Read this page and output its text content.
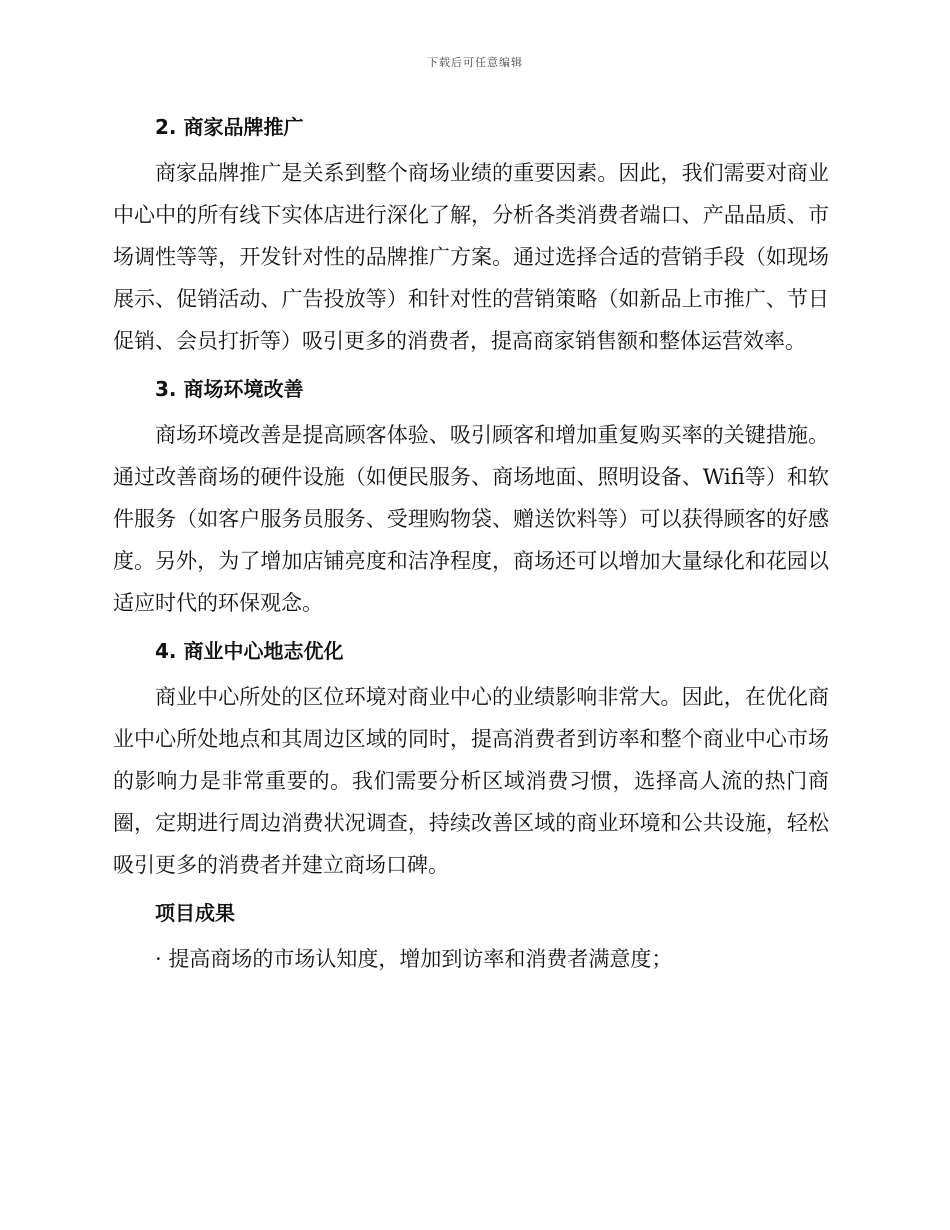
下载后可任意编辑
2. 商家品牌推广

商家品牌推广是关系到整个商场业绩的重要因素。因此，我们需要对商业中心中的所有线下实体店进行深化了解，分析各类消费者端口、产品品质、市场调性等等，开发针对性的品牌推广方案。通过选择合适的营销手段（如现场展示、促销活动、广告投放等）和针对性的营销策略（如新品上市推广、节日促销、会员打折等）吸引更多的消费者，提高商家销售额和整体运营效率。

3. 商场环境改善

商场环境改善是提高顾客体验、吸引顾客和增加重复购买率的关键措施。通过改善商场的硬件设施（如便民服务、商场地面、照明设备、Wifi等）和软件服务（如客户服务员服务、受理购物袋、赠送饮料等）可以获得顾客的好感度。另外，为了增加店铺亮度和洁净程度，商场还可以增加大量绿化和花园以适应时代的环保观念。

4. 商业中心地志优化

商业中心所处的区位环境对商业中心的业绩影响非常大。因此，在优化商业中心所处地点和其周边区域的同时，提高消费者到访率和整个商业中心市场的影响力是非常重要的。我们需要分析区域消费习惯，选择高人流的热门商圈，定期进行周边消费状况调查，持续改善区域的商业环境和公共设施，轻松吸引更多的消费者并建立商场口碑。

项目成果

· 提高商场的市场认知度，增加到访率和消费者满意度；
